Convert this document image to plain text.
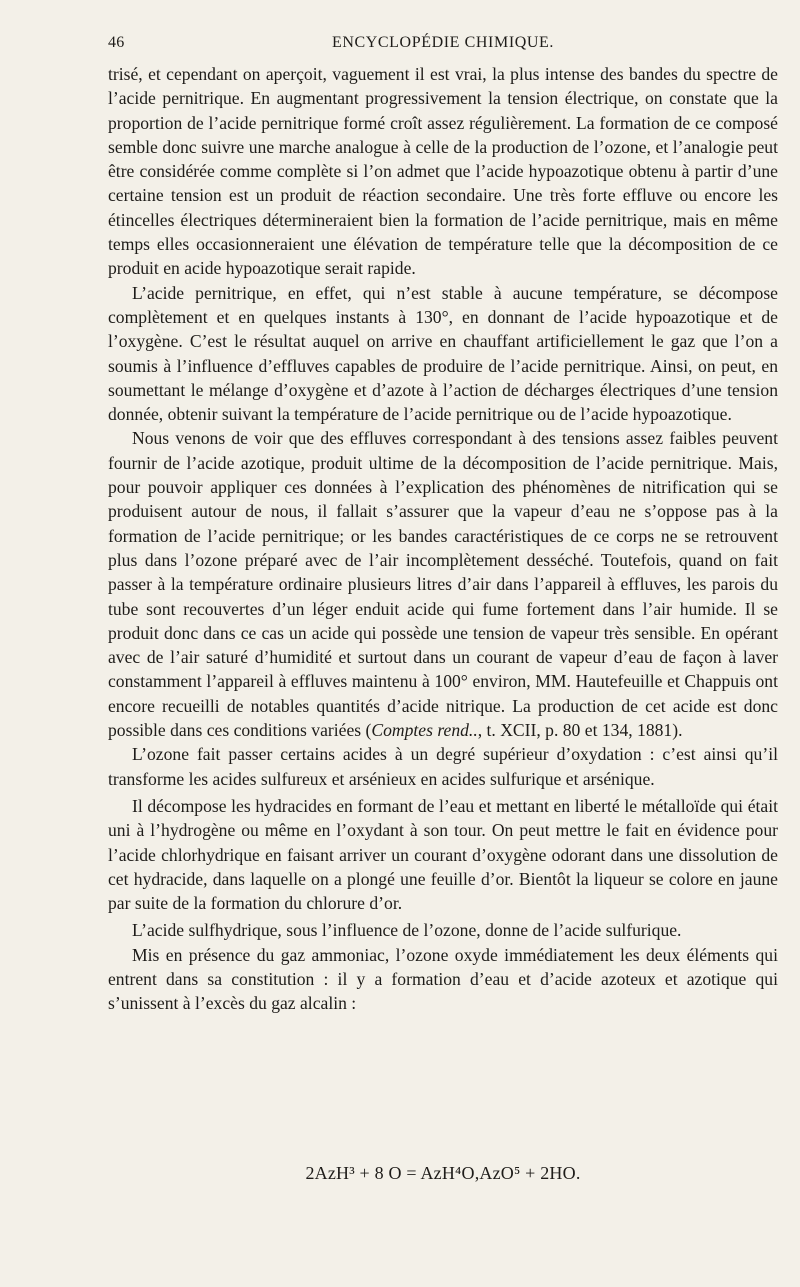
46	ENCYCLOPÉDIE CHIMIQUE.

trisé, et cependant on aperçoit, vaguement il est vrai, la plus intense des bandes du spectre de l’acide pernitrique. En augmentant progressivement la tension électrique, on constate que la proportion de l’acide pernitrique formé croît assez régulièrement. La formation de ce composé semble donc suivre une marche analogue à celle de la production de l’ozone, et l’analogie peut être considérée comme complète si l’on admet que l’acide hypoazotique obtenu à partir d’une certaine tension est un produit de réaction secondaire. Une très forte effluve ou encore les étincelles électriques détermineraient bien la formation de l’acide pernitrique, mais en même temps elles occasionneraient une élévation de température telle que la décomposition de ce produit en acide hypoazotique serait rapide.

L’acide pernitrique, en effet, qui n’est stable à aucune température, se décompose complètement et en quelques instants à 130°, en donnant de l’acide hypoazotique et de l’oxygène. C’est le résultat auquel on arrive en chauffant artificiellement le gaz que l’on a soumis à l’influence d’effluves capables de produire de l’acide pernitrique. Ainsi, on peut, en soumettant le mélange d’oxygène et d’azote à l’action de décharges électriques d’une tension donnée, obtenir suivant la température de l’acide pernitrique ou de l’acide hypoazotique.

Nous venons de voir que des effluves correspondant à des tensions assez faibles peuvent fournir de l’acide azotique, produit ultime de la décomposition de l’acide pernitrique. Mais, pour pouvoir appliquer ces données à l’explication des phénomènes de nitrification qui se produisent autour de nous, il fallait s’assurer que la vapeur d’eau ne s’oppose pas à la formation de l’acide pernitrique; or les bandes caractéristiques de ce corps ne se retrouvent plus dans l’ozone préparé avec de l’air incomplètement desséché. Toutefois, quand on fait passer à la température ordinaire plusieurs litres d’air dans l’appareil à effluves, les parois du tube sont recouvertes d’un léger enduit acide qui fume fortement dans l’air humide. Il se produit donc dans ce cas un acide qui possède une tension de vapeur très sensible. En opérant avec de l’air saturé d’humidité et surtout dans un courant de vapeur d’eau de façon à laver constamment l’appareil à effluves maintenu à 100° environ, MM. Hautefeuille et Chappuis ont encore recueilli de notables quantités d’acide nitrique. La production de cet acide est donc possible dans ces conditions variées (Comptes rend.., t. XCII, p. 80 et 134, 1881).

L’ozone fait passer certains acides à un degré supérieur d’oxydation : c’est ainsi qu’il transforme les acides sulfureux et arsénieux en acides sulfurique et arsénique.

Il décompose les hydracides en formant de l’eau et mettant en liberté le métalloïde qui était uni à l’hydrogène ou même en l’oxydant à son tour. On peut mettre le fait en évidence pour l’acide chlorhydrique en faisant arriver un courant d’oxygène odorant dans une dissolution de cet hydracide, dans laquelle on a plongé une feuille d’or. Bientôt la liqueur se colore en jaune par suite de la formation du chlorure d’or.

L’acide sulfhydrique, sous l’influence de l’ozone, donne de l’acide sulfurique.

Mis en présence du gaz ammoniac, l’ozone oxyde immédiatement les deux éléments qui entrent dans sa constitution : il y a formation d’eau et d’acide azoteux et azotique qui s’unissent à l’excès du gaz alcalin :

2AzH³ + 8 O = AzH⁴O,AzO⁵ + 2HO.
